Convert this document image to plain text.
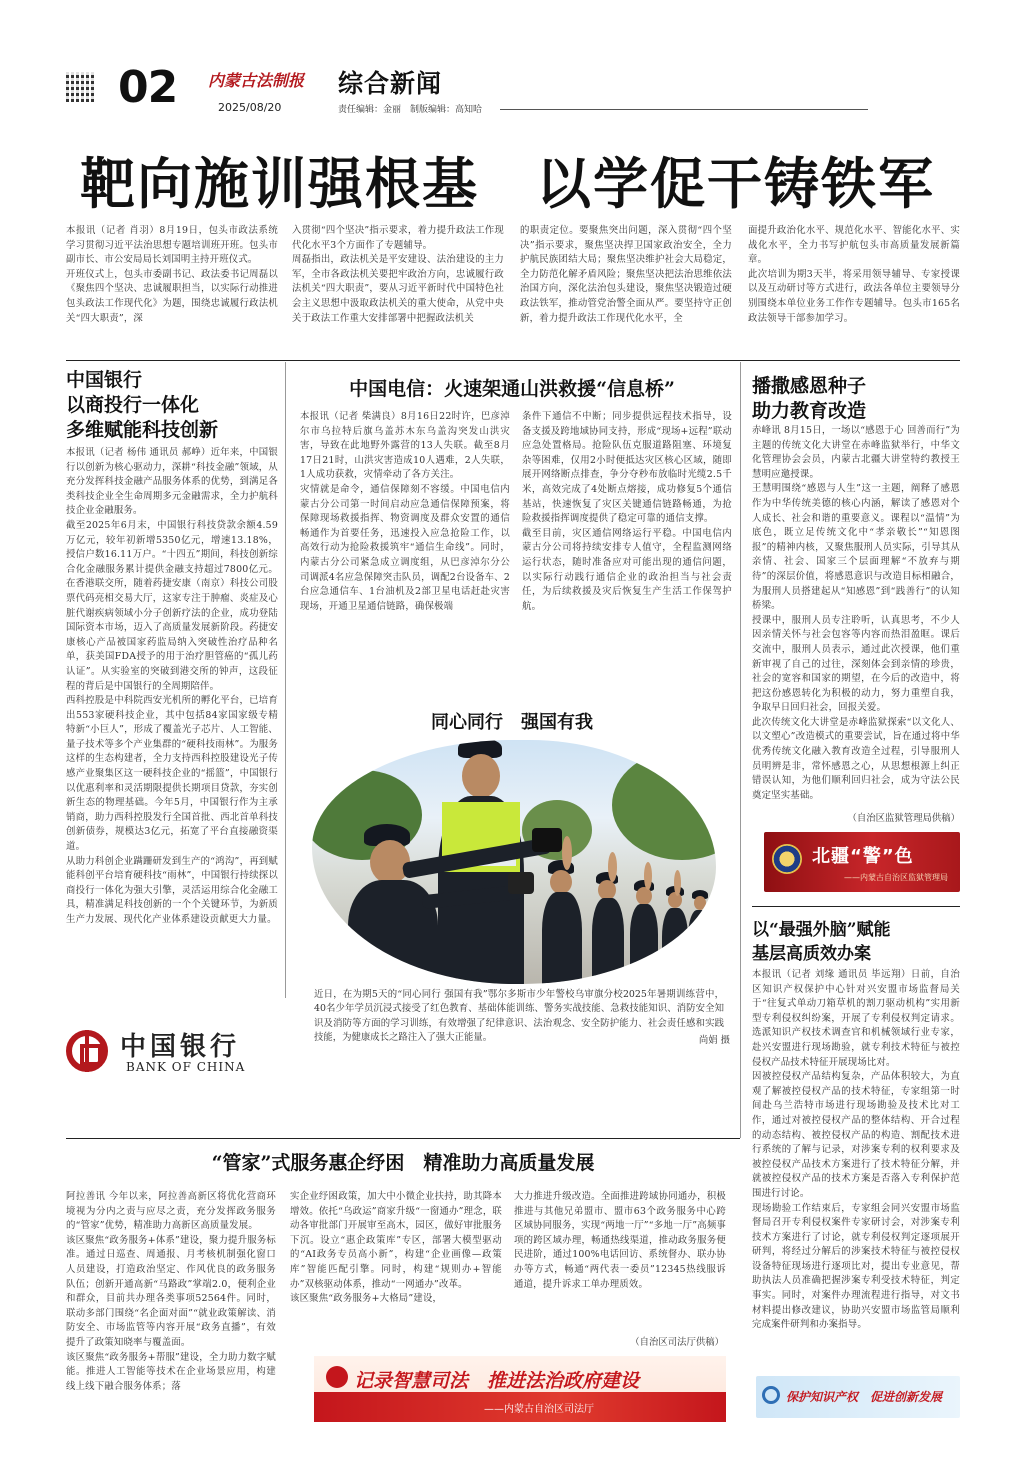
02 内蒙古法制报
2025/08/20
综合新闻
责任编辑：金丽　制版编辑：高知哈
靶向施训强根基　以学促干铸铁军

本报讯（记者 肖羽）8月19日，包头市政法系统学习贯彻习近平法治思想专题培训班开班。包头市副市长、市公安局局长刘国明主持开班仪式。
开班仪式上，包头市委副书记、政法委书记周磊以《聚焦四个坚决、忠诚履职担当，以实际行动推进包头政法工作现代化》为题，围绕忠诚履行政法机关“四大职责”，深

入贯彻“四个坚决”指示要求，着力提升政法工作现代化水平3个方面作了专题辅导。
周磊指出，政法机关是平安建设、法治建设的主力军，全市各政法机关要把牢政治方向，忠诚履行政法机关“四大职责”，要从习近平新时代中国特色社会主义思想中汲取政法机关的重大使命，从党中央关于政法工作重大安排部署中把握政法机关

的职责定位。要聚焦突出问题，深入贯彻“四个坚决”指示要求，聚焦坚决捍卫国家政治安全，全力护航民族团结大局；聚焦坚决维护社会大局稳定，全力防范化解矛盾风险；聚焦坚决把法治思维依法治国方向，深化法治包头建设，聚焦坚决锻造过硬政法铁军，推动管党治警全面从严。要坚持守正创新，着力提升政法工作现代化水平，全

面提升政治化水平、规范化水平、智能化水平、实战化水平，全力书写护航包头市高质量发展新篇章。
此次培训为期3天半，将采用领导辅导、专家授课以及互动研讨等方式进行，政法各单位主要领导分别围绕本单位业务工作作专题辅导。包头市165名政法领导干部参加学习。

中国银行
以商投行一体化
多维赋能科技创新

本报讯（记者 杨伟 通讯员 郝峥）近年来，中国银行以创新为核心驱动力，深耕“科技金融”领域，从充分发挥科技金融产品服务体系的优势，到满足各类科技企业全生命周期多元金融需求，全力护航科技企业金融服务。
截至2025年6月末，中国银行科技贷款余额4.59万亿元，较年初新增5350亿元，增速13.18%，授信户数16.11万户。“十四五”期间，科技创新综合化金融服务累计提供金融支持超过7800亿元。在香港联交所，随着药捷安康（南京）科技公司股票代码亮相交易大厅，这家专注于肿瘤、炎症及心脏代谢疾病领域小分子创新疗法的企业，成功登陆国际资本市场，迈入了高质量发展新阶段。药捷安康核心产品被国家药监局纳入突破性治疗品种名单，获美国FDA授予的用于治疗胆管癌的“孤儿药认证”。从实验室的突破到港交所的钟声，这段征程的背后是中国银行的全周期陪伴。
西科控股是中科院西安光机所的孵化平台，已培育出553家硬科技企业，其中包括84家国家级专精特新“小巨人”，形成了覆盖光子芯片、人工智能、量子技术等多个产业集群的“硬科技雨林”。为服务这样的生态构建者，全力支持西科控股建设光子传感产业聚集区这一硬科技企业的“摇篮”，中国银行以优惠利率和灵活期限提供长期项目贷款，夯实创新生态的物理基础。今年5月，中国银行作为主承销商，助力西科控股发行全国首批、西北首单科技创新债券，规模达3亿元，拓宽了平台直接融资渠道。
从助力科创企业蹒跚研发到生产的“鸿沟”，再到赋能科创平台培育硬科技“雨林”，中国银行持续探以商投行一体化为强大引擎，灵活运用综合化金融工具，精准满足科技创新的一个个关键环节，为新质生产力发展、现代化产业体系建设贡献更大力量。

中国银行
BANK OF CHINA
中国电信：火速架通山洪救援“信息桥”

本报讯（记者 柴满良）8月16日22时许，巴彦淖尔市乌拉特后旗乌盖苏木东乌盖沟突发山洪灾害，导致在此地野外露营的13人失联。截至8月17日21时，山洪灾害造成10人遇难，2人失联，1人成功获救，灾情牵动了各方关注。
灾情就是命令，通信保障刻不容缓。中国电信内蒙古分公司第一时间启动应急通信保障预案，将保障现场救援指挥、物资调度及群众安置的通信畅通作为首要任务，迅速投入应急抢险工作，以高效行动为抢险救援筑牢“通信生命线”。同时，内蒙古分公司紧急成立调度组，从巴彦淖尔分公司调派4名应急保障突击队员，调配2台设备车、2台应急通信车、1台油机及2部卫星电话赶赴灾害现场，开通卫星通信链路，确保极端

条件下通信不中断；同步提供远程技术指导，设备支援及跨地域协同支持，形成“现场+远程”联动应急处置格局。抢险队伍克服道路阻塞、环境复杂等困难，仅用2小时便抵达灾区核心区域，随即展开网络断点排查，争分夺秒布放临时光缆2.5千米，高效完成了4处断点熔接，成功修复5个通信基站，快速恢复了灾区关键通信链路畅通，为抢险救援指挥调度提供了稳定可靠的通信支撑。
截至目前，灾区通信网络运行平稳。中国电信内蒙古分公司将持续安排专人值守，全程监测网络运行状态，随时准备应对可能出现的通信问题，以实际行动践行通信企业的政治担当与社会责任，为后续救援及灾后恢复生产生活工作保驾护航。

同心同行　强国有我
近日，在为期5天的“同心同行 强国有我”鄂尔多斯市少年警校乌审旗分校2025年暑期训练营中，40名少年学员沉浸式接受了红色教育、基础体能训练、警务实战技能、急救技能知识、消防安全知识及消防等方面的学习训练，有效增强了纪律意识、法治观念、安全防护能力、社会责任感和实践技能，为健康成长之路注入了强大正能量。	尚娟 摄
播撒感恩种子
助力教育改造

赤峰讯 8月15日，一场以“感恩于心 回善而行”为主题的传统文化大讲堂在赤峰监狱举行，中华文化管理协会会员，内蒙古北疆大讲堂特约教授王慧明应邀授课。
王慧明围绕“感恩与人生”这一主题，阐释了感恩作为中华传统美德的核心内涵，解读了感恩对个人成长、社会和谐的重要意义。课程以“温情”为底色，既立足传统文化中“孝亲敬长”“知恩图报”的精神内核，又聚焦服刑人员实际，引导其从亲情、社会、国家三个层面理解“不放弃与期待”的深层价值，将感恩意识与改造目标相融合，为服刑人员搭建起从“知感恩”到“践善行”的认知桥梁。
授课中，服刑人员专注聆听，认真思考，不少人因亲情关怀与社会包容等内容而热泪盈眶。课后交流中，服刑人员表示，通过此次授课，他们重新审视了自己的过往，深刻体会到亲情的珍贵，社会的宽容和国家的期望，在今后的改造中，将把这份感恩转化为积极的动力，努力重塑自我，争取早日回归社会，回报关爱。
此次传统文化大讲堂是赤峰监狱探索“以文化人、以文塑心”改造模式的重要尝试，旨在通过将中华优秀传统文化融入教育改造全过程，引导服刑人员明辨是非，常怀感恩之心，从思想根源上纠正错误认知，为他们顺利回归社会，成为守法公民奠定坚实基础。

（自治区监狱管理局供稿）
北疆“警”色
——内蒙古自治区监狱管理局
以“最强外脑”赋能
基层高质效办案

本报讯（记者 刘缘 通讯员 毕远翔）日前，自治区知识产权保护中心针对兴安盟市场监督局关于“往复式单动刀箱草机的割刀驱动机构”实用新型专利侵权纠纷案，开展了专利侵权判定请求。选派知识产权技术调查官和机械领域行业专家，赴兴安盟进行现场勘验，就专利技术特征与被控侵权产品技术特征开展现场比对。
因被控侵权产品结构复杂，产品体积较大，为直观了解被控侵权产品的技术特征，专家组第一时间赴乌兰浩特市场进行现场勘验及技术比对工作，通过对被控侵权产品的整体结构、开合过程的动态结构、被控侵权产品的构造、割配技术进行系统的了解与记录，对涉案专利的权利要求及被控侵权产品技术方案进行了技术特征分解，并就被控侵权产品的技术方案是否落入专利保护范围进行讨论。
现场勘验工作结束后，专家组会同兴安盟市场监督局召开专利侵权案件专家研讨会，对涉案专利技术方案进行了讨论，就专利侵权判定逐项展开研判，将经过分解后的涉案技术特征与被控侵权设备特征现场进行逐项比对，提出专业意见，帮助执法人员准确把握涉案专利受技术特征，判定事实。同时，对案件办理流程进行指导，对文书材料提出修改建议，协助兴安盟市场监管局顺利完成案件研判和办案指导。

保护知识产权　促进创新发展
“管家”式服务惠企纾困　精准助力高质量发展

阿拉善讯 今年以来，阿拉善高新区将优化营商环境视为分内之责与应尽之责，充分发挥政务服务的“管家”优势，精准助力高新区高质量发展。
该区聚焦“政务服务+体系”建设，聚力提升服务标准。通过日巡查、周通报、月考核机制强化窗口人员建设，打造政治坚定、作风优良的政务服务队伍；创新开通高新“马路政”掌端2.0，便利企业和群众，目前共办理各类事项52564件。同时，联动多部门围绕“名企面对面”“就业政策解读、消防安全、市场监管等内容开展“政务直播”，有效提升了政策知晓率与覆盖面。
该区聚焦“政务服务+帮服”建设，全力助力数字赋能。推进人工智能等技术在企业场景应用，构建线上线下融合服务体系；落

实企业纾困政策，加大中小微企业扶持，助其降本增效。依托“乌政运”商家升级“一窗通办”理念，联动各审批部门开展审至高木，园区，做好审批服务下沉。设立“惠企政策库”专区，部署大模型驱动的“AI政务专员高小新”，构建“企业画像—政策库”智能匹配引擎。同时，构建“规则办+智能办”双核驱动体系，推动“一网通办”改革。
该区聚焦“政务服务+大格局”建设，

大力推进升级改造。全面推进跨域协同通办，积极推进与其他兄弟盟市、盟市63个政务服务中心跨区域协同服务，实现“两地一厅”“多地一厅”高频事项的跨区域办理，畅通热线渠道，推动政务服务便民进阶，通过100%电话回访、系统督办、联办协办等方式，畅通“两代表一委员”12345热线服诉通道，提升诉求工单办理质效。

（自治区司法厅供稿）
记录智慧司法　推进法治政府建设
——内蒙古自治区司法厅
